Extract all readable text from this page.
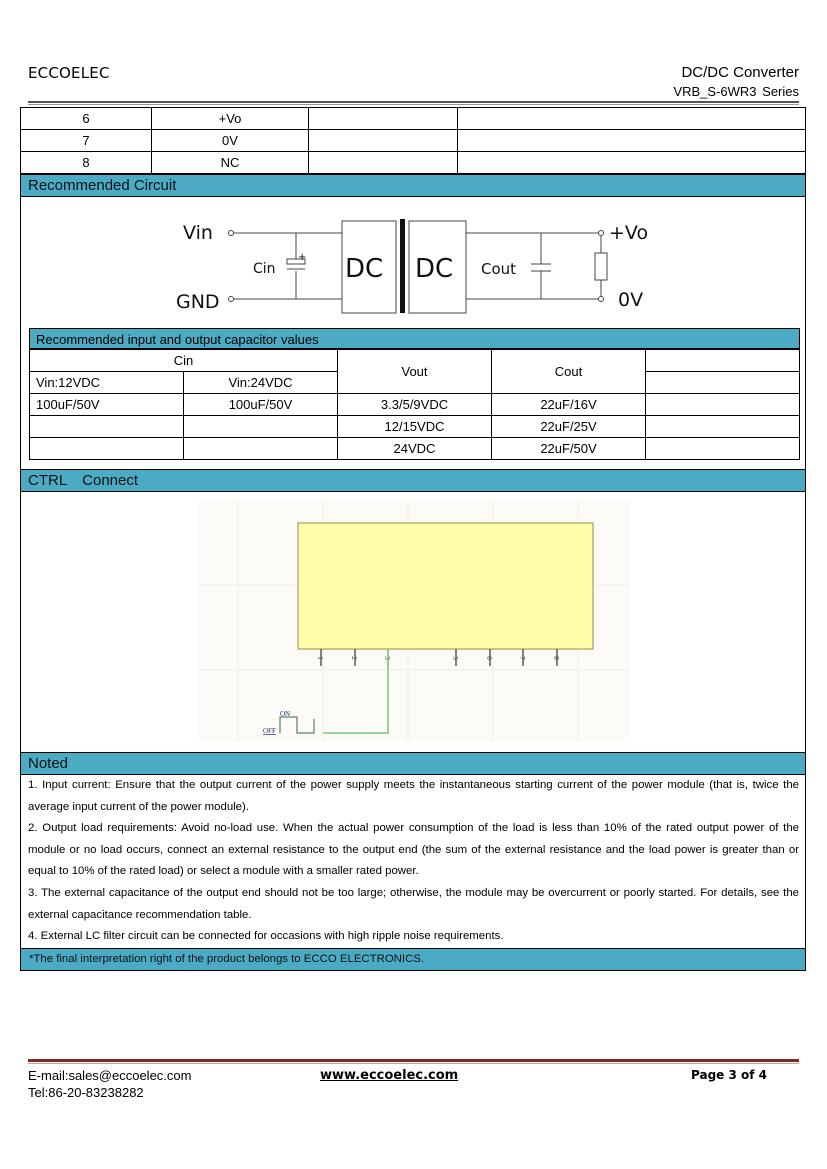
ECCOELEC	DC/DC Converter
VRB_S-6WR3 Series
6	+Vo		
7	0V		
8	NC		
Recommended Circuit
Vin
GND
Cin
+ DC DC Cout
+Vo
0V
Recommended input and output capacitor values
Cin		Vout	Cout	
Vin:12VDC	Vin:24VDC			
100uF/50V	100uF/50V	3.3/5/9VDC	22uF/16V	
		12/15VDC	22uF/25V	
		24VDC	22uF/50V	
CTRL Connect
1	2	3	5	6	7	8
ON
OFF
Noted

1. Input current: Ensure that the output current of the power supply meets the instantaneous starting current of the power module (that is, twice the average input current of the power module).

2. Output load requirements: Avoid no-load use. When the actual power consumption of the load is less than 10% of the rated output power of the module or no load occurs, connect an external resistance to the output end (the sum of the external resistance and the load power is greater than or equal to 10% of the rated load) or select a module with a smaller rated power.

3. The external capacitance of the output end should not be too large; otherwise, the module may be overcurrent or poorly started. For details, see the external capacitance recommendation table.

4. External LC filter circuit can be connected for occasions with high ripple noise requirements.

*The final interpretation right of the product belongs to ECCO ELECTRONICS.
E-mail:sales@eccoelec.com
Tel:86-20-83238282
www.eccoelec.com	Page 3 of 4
